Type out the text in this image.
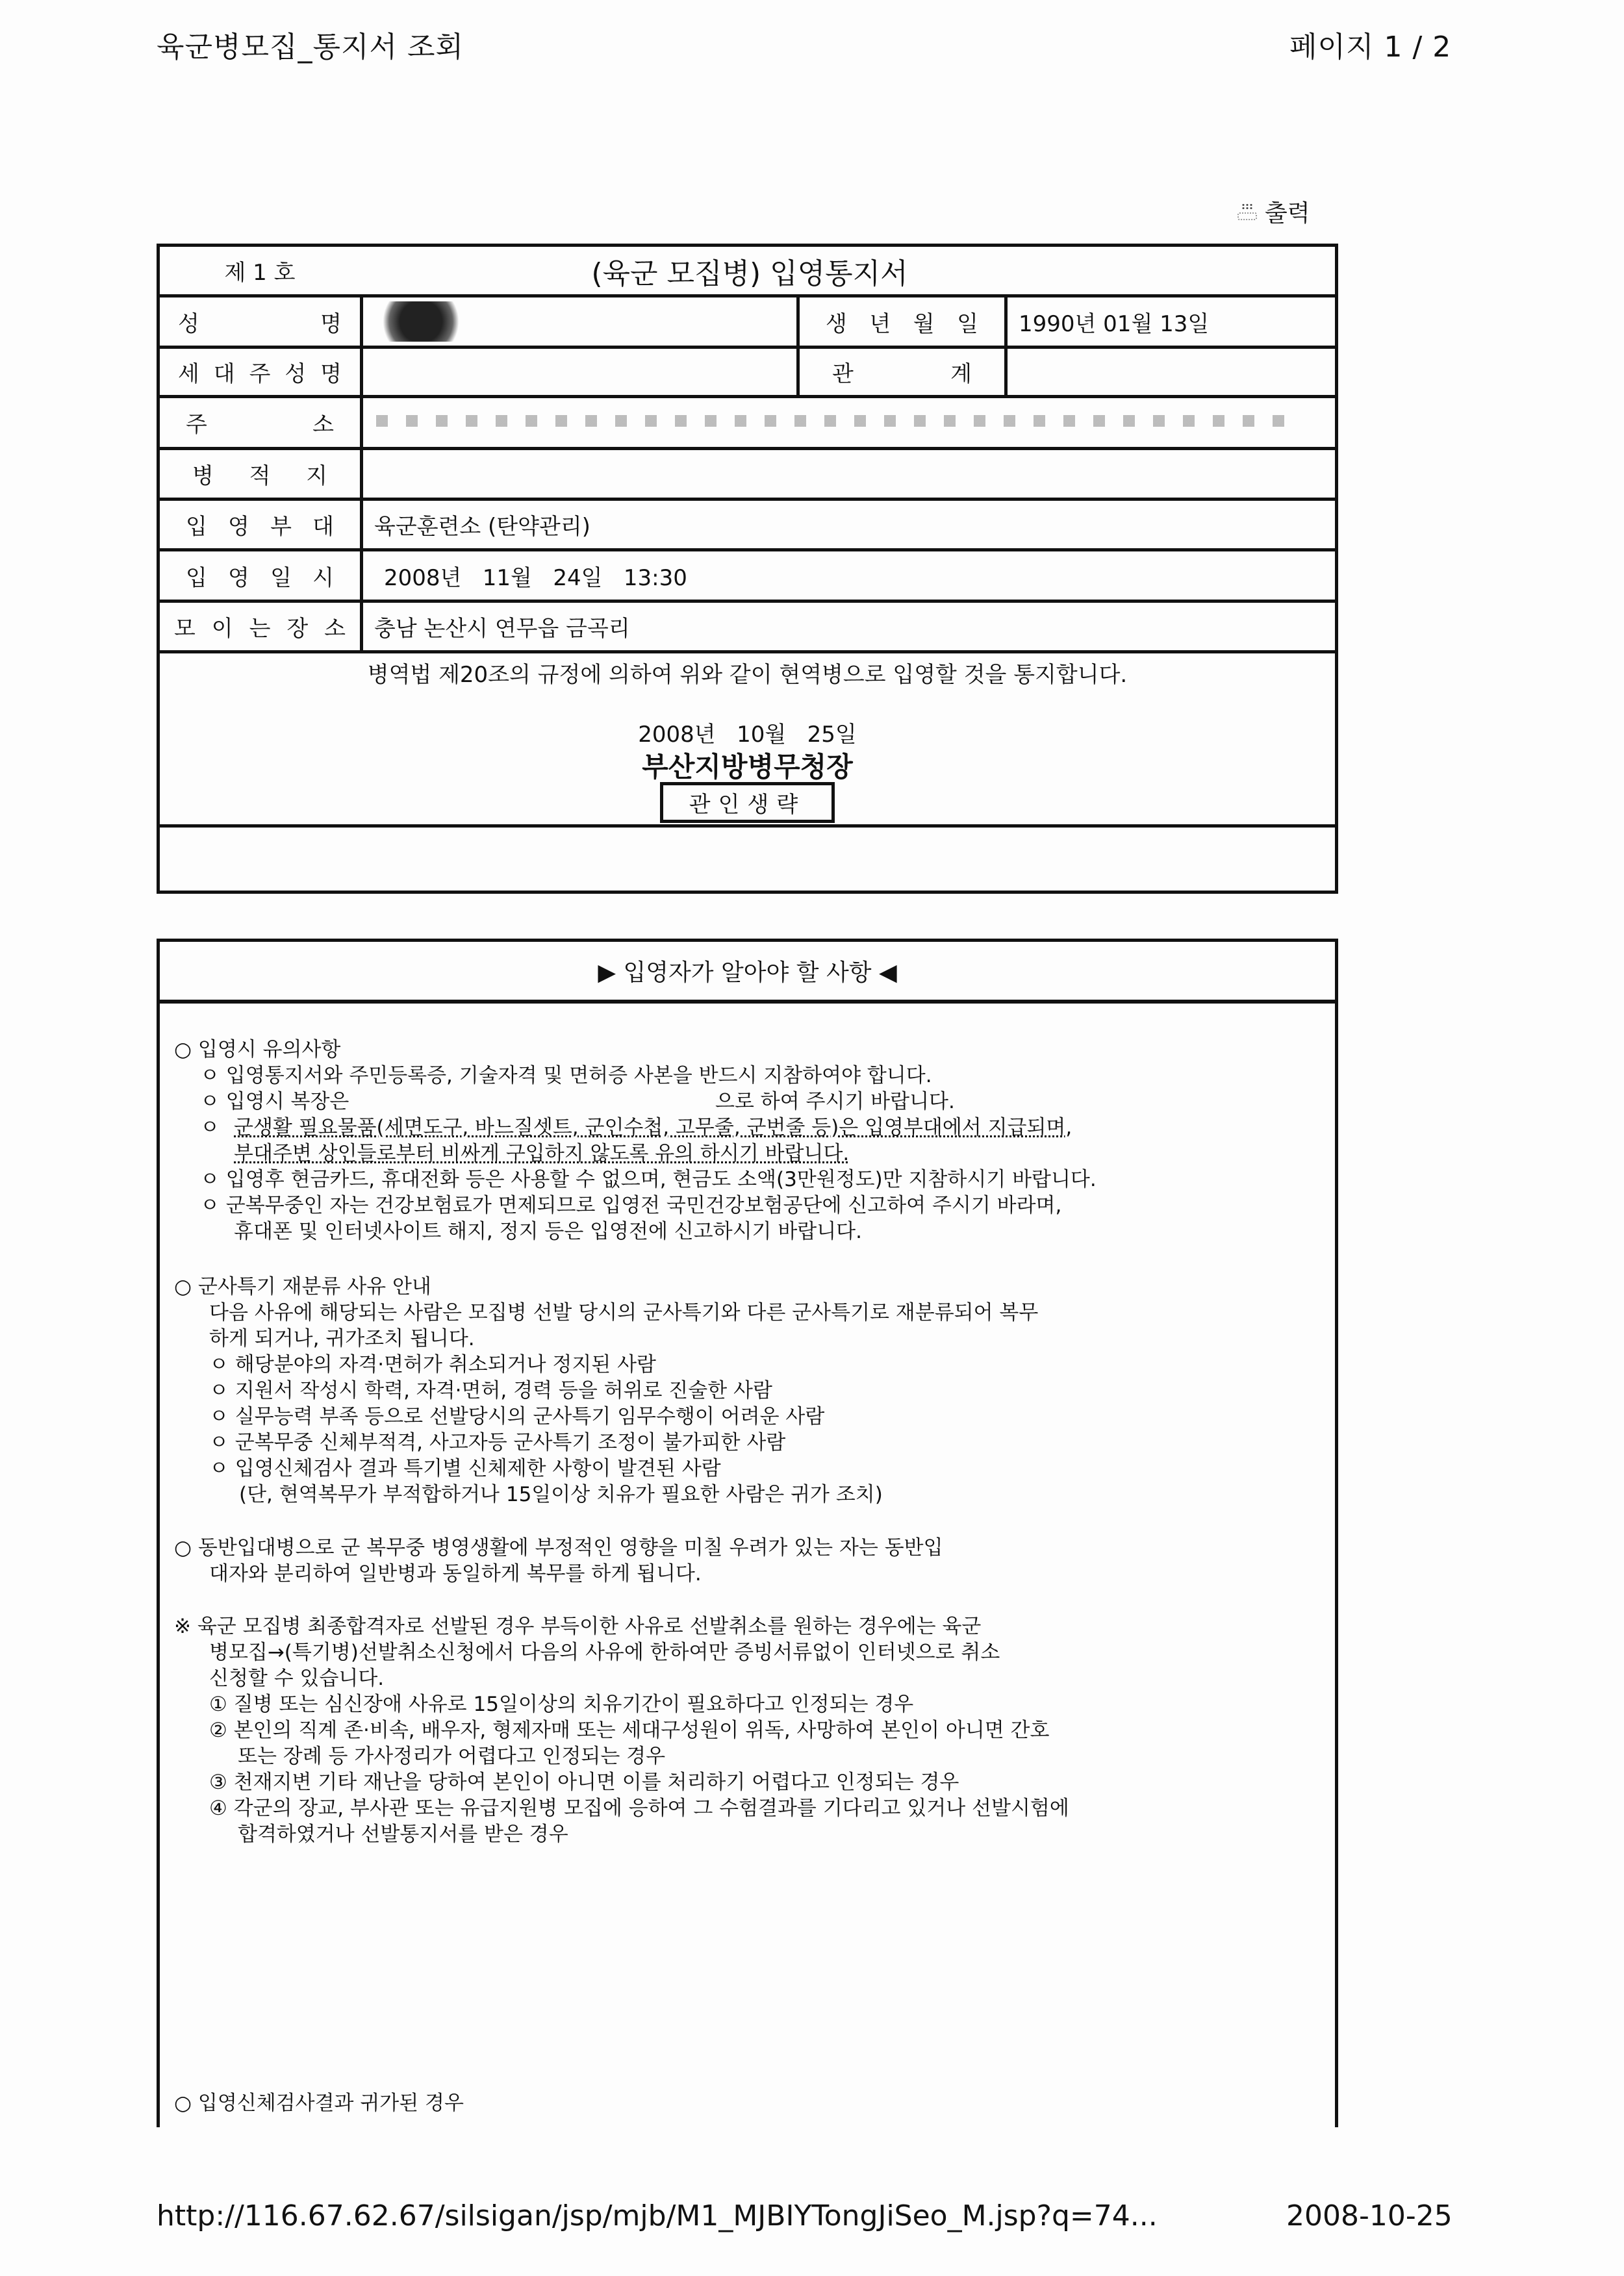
육군병모집_통지서 조회	페이지 1 / 2
출력
제 1 호	(육군 모집병) 입영통지서
성	명	생 년 월 일 1990년 01월 13일
세 대 주 성 명	관	계
주	소
병 적 지
입 영 부 대 육군훈련소 (탄약관리)
입 영 일 시 2008년   11월   24일   13:30
모 이 는 장 소 충남 논산시 연무읍 금곡리
병역법 제20조의 규정에 의하여 위와 같이 현역병으로 입영할 것을 통지합니다.
2008년   10월   25일
부산지방병무청장
관인생략
▶ 입영자가 알아야 할 사항 ◀
○ 입영시 유의사항
ㅇ 입영통지서와 주민등록증, 기술자격 및 면허증 사본을 반드시 지참하여야 합니다.
ㅇ 입영시 복장은	으로 하여 주시기 바랍니다.
ㅇ 군생활 필요물품(세면도구, 바느질셋트, 군인수첩, 고무줄, 군번줄 등)은 입영부대에서 지급되며,
부대주변 상인들로부터 비싸게 구입하지 않도록 유의 하시기 바랍니다.
ㅇ 입영후 현금카드, 휴대전화 등은 사용할 수 없으며, 현금도 소액(3만원정도)만 지참하시기 바랍니다.
ㅇ 군복무중인 자는 건강보험료가 면제되므로 입영전 국민건강보험공단에 신고하여 주시기 바라며,
휴대폰 및 인터넷사이트 해지, 정지 등은 입영전에 신고하시기 바랍니다.
○ 군사특기 재분류 사유 안내
다음 사유에 해당되는 사람은 모집병 선발 당시의 군사특기와 다른 군사특기로 재분류되어 복무
하게 되거나, 귀가조치 됩니다.
ㅇ 해당분야의 자격·면허가 취소되거나 정지된 사람
ㅇ 지원서 작성시 학력, 자격·면허, 경력 등을 허위로 진술한 사람
ㅇ 실무능력 부족 등으로 선발당시의 군사특기 임무수행이 어려운 사람
ㅇ 군복무중 신체부적격, 사고자등 군사특기 조정이 불가피한 사람
ㅇ 입영신체검사 결과 특기별 신체제한 사항이 발견된 사람
(단, 현역복무가 부적합하거나 15일이상 치유가 필요한 사람은 귀가 조치)
○ 동반입대병으로 군 복무중 병영생활에 부정적인 영향을 미칠 우려가 있는 자는 동반입
대자와 분리하여 일반병과 동일하게 복무를 하게 됩니다.
※ 육군 모집병 최종합격자로 선발된 경우 부득이한 사유로 선발취소를 원하는 경우에는 육군
병모집→(특기병)선발취소신청에서 다음의 사유에 한하여만 증빙서류없이 인터넷으로 취소
신청할 수 있습니다.
① 질병 또는 심신장애 사유로 15일이상의 치유기간이 필요하다고 인정되는 경우
② 본인의 직계 존·비속, 배우자, 형제자매 또는 세대구성원이 위독, 사망하여 본인이 아니면 간호
또는 장례 등 가사정리가 어렵다고 인정되는 경우
③ 천재지변 기타 재난을 당하여 본인이 아니면 이를 처리하기 어렵다고 인정되는 경우
④ 각군의 장교, 부사관 또는 유급지원병 모집에 응하여 그 수험결과를 기다리고 있거나 선발시험에
합격하였거나 선발통지서를 받은 경우
○ 입영신체검사결과 귀가된 경우
http://116.67.62.67/silsigan/jsp/mjb/M1_MJBIYTongJiSeo_M.jsp?q=74...	2008-10-25
